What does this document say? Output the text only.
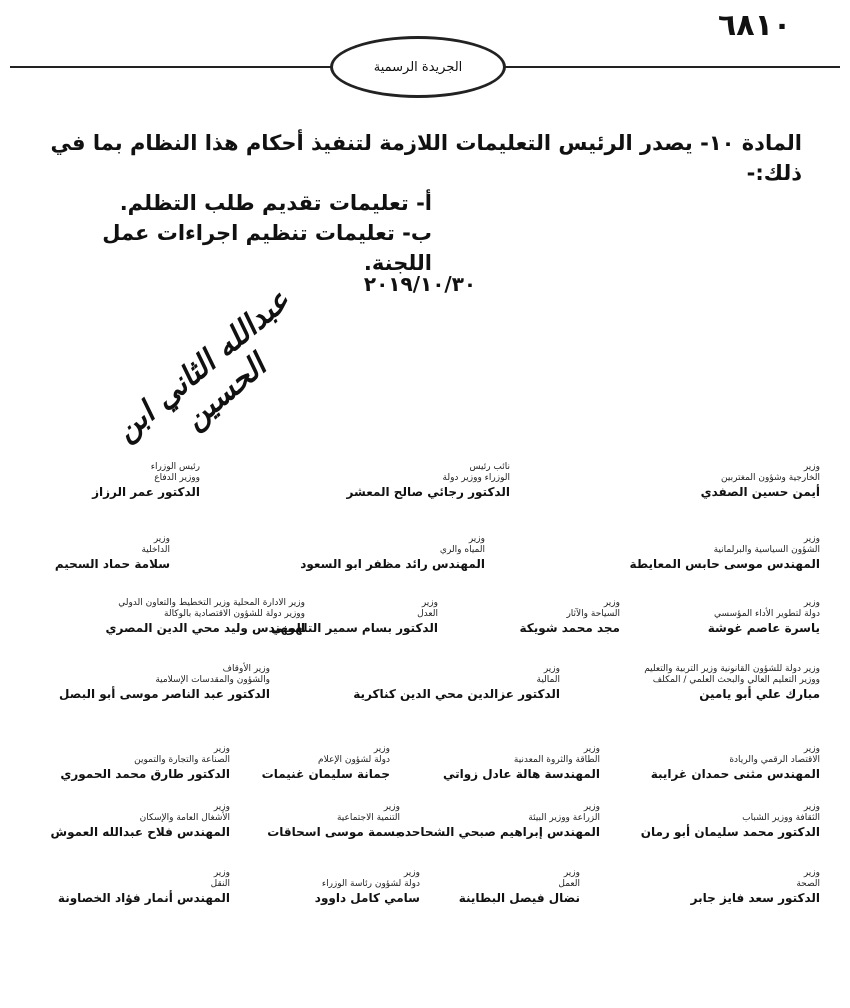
٦٨١٠
الجريدة الرسمية

المادة ١٠- يصدر الرئيس التعليمات اللازمة لتنفيذ أحكام هذا النظام بما في

ذلك:-

أ- تعليمات تقديم طلب التظلم.

ب- تعليمات تنظيم اجراءات عمل اللجنة.

٢٠١٩/١٠/٣٠
عبدالله الثاني ابن الحسين
رئيس الوزراء
ووزير الدفاع
الدكتور عمر الرزاز
نائب رئيس
الوزراء ووزير دولة
الدكتور رجائي صالح المعشر
وزير
الخارجية وشؤون المغتربين
أيمن حسين الصفدي
وزير
الداخلية
سلامة حماد السحيم
وزير
المياه والري
المهندس رائد مظفر ابو السعود
وزير
الشؤون السياسية والبرلمانية
المهندس موسى حابس المعايطة
وزير الادارة المحلية وزير التخطيط والتعاون الدولي
ووزير دولة للشؤون الاقتصادية بالوكالة
المهندس وليد محي الدين المصري
وزير
العدل
الدكتور بسام سمير التلهوني
وزير
السياحة والآثار
مجد محمد شويكة
وزير
دولة لتطوير الأداء المؤسسي
ياسرة عاصم غوشة
وزير الأوقاف
والشؤون والمقدسات الإسلامية
الدكتور عبد الناصر موسى أبو البصل
وزير
المالية
الدكتور عزالدين محي الدين كناكرية
وزير دولة للشؤون القانونية وزير التربية والتعليم
ووزير التعليم العالي والبحث العلمي / المكلف
مبارك علي أبو يامين
وزير
الصناعة والتجارة والتموين
الدكتور طارق محمد الحموري
وزير
دولة لشؤون الإعلام
جمانة سليمان غنيمات
وزير
الطاقة والثروة المعدنية
المهندسة هالة عادل زواتي
وزير
الاقتصاد الرقمي والريادة
المهندس مثنى حمدان غرايبة
وزير
الأشغال العامة والإسكان
المهندس فلاح عبدالله العموش
وزير
التنمية الاجتماعية
بسمة موسى اسحاقات
وزير
الزراعة ووزير البيئة
المهندس إبراهيم صبحي الشحاحده
وزير
الثقافة ووزير الشباب
الدكتور محمد سليمان أبو رمان
وزير
النقل
المهندس أنمار فؤاد الخصاونة
وزير
دولة لشؤون رئاسة الوزراء
سامي كامل داوود
وزير
العمل
نضال فيصل البطاينة
وزير
الصحة
الدكتور سعد فايز جابر
